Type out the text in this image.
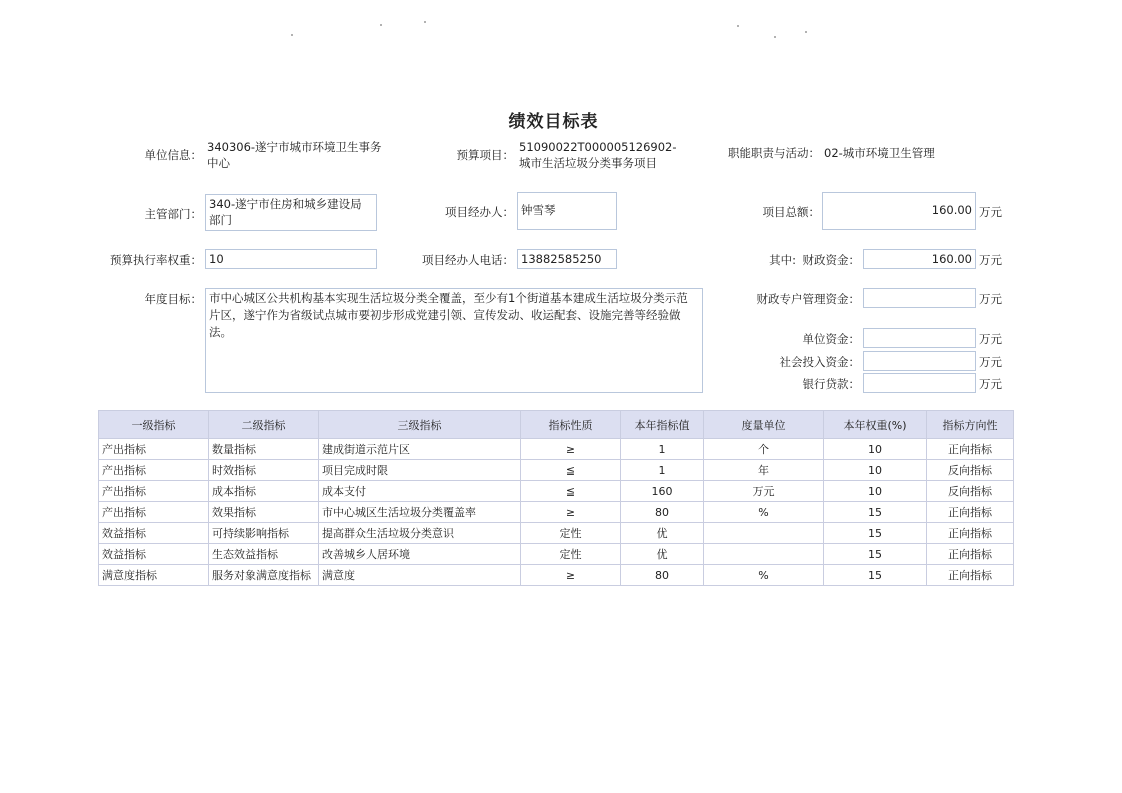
绩效目标表
单位信息：
340306-遂宁市城市环境卫生事务中心
预算项目：
51090022T000005126902-城市生活垃圾分类事务项目
职能职责与活动： 02-城市环境卫生管理
主管部门：
340-遂宁市住房和城乡建设局部门
项目经办人： 钟雪琴	项目总额：	160.00 万元
预算执行率权重： 10	项目经办人电话： 13882585250	其中: 财政资金：	160.00 万元
年度目标： 市中心城区公共机构基本实现生活垃圾分类全覆盖，至少有1个街道基本建成生活垃圾分类示范片区，遂宁作为省级试点城市要初步形成党建引领、宣传发动、收运配套、设施完善等经验做法。
财政专户管理资金：	万元
单位资金：	万元
社会投入资金：	万元
银行贷款：	万元
一级指标	二级指标	三级指标	指标性质	本年指标值	度量单位	本年权重(%)	指标方向性
产出指标	数量指标	建成街道示范片区	≥	1	个	10	正向指标
产出指标	时效指标	项目完成时限	≦	1	年	10	反向指标
产出指标	成本指标	成本支付	≦	160	万元	10	反向指标
产出指标	效果指标	市中心城区生活垃圾分类覆盖率	≥	80	%	15	正向指标
效益指标	可持续影响指标	提高群众生活垃圾分类意识	定性	优		15	正向指标
效益指标	生态效益指标	改善城乡人居环境	定性	优		15	正向指标
满意度指标	服务对象满意度指标	满意度	≥	80	%	15	正向指标
